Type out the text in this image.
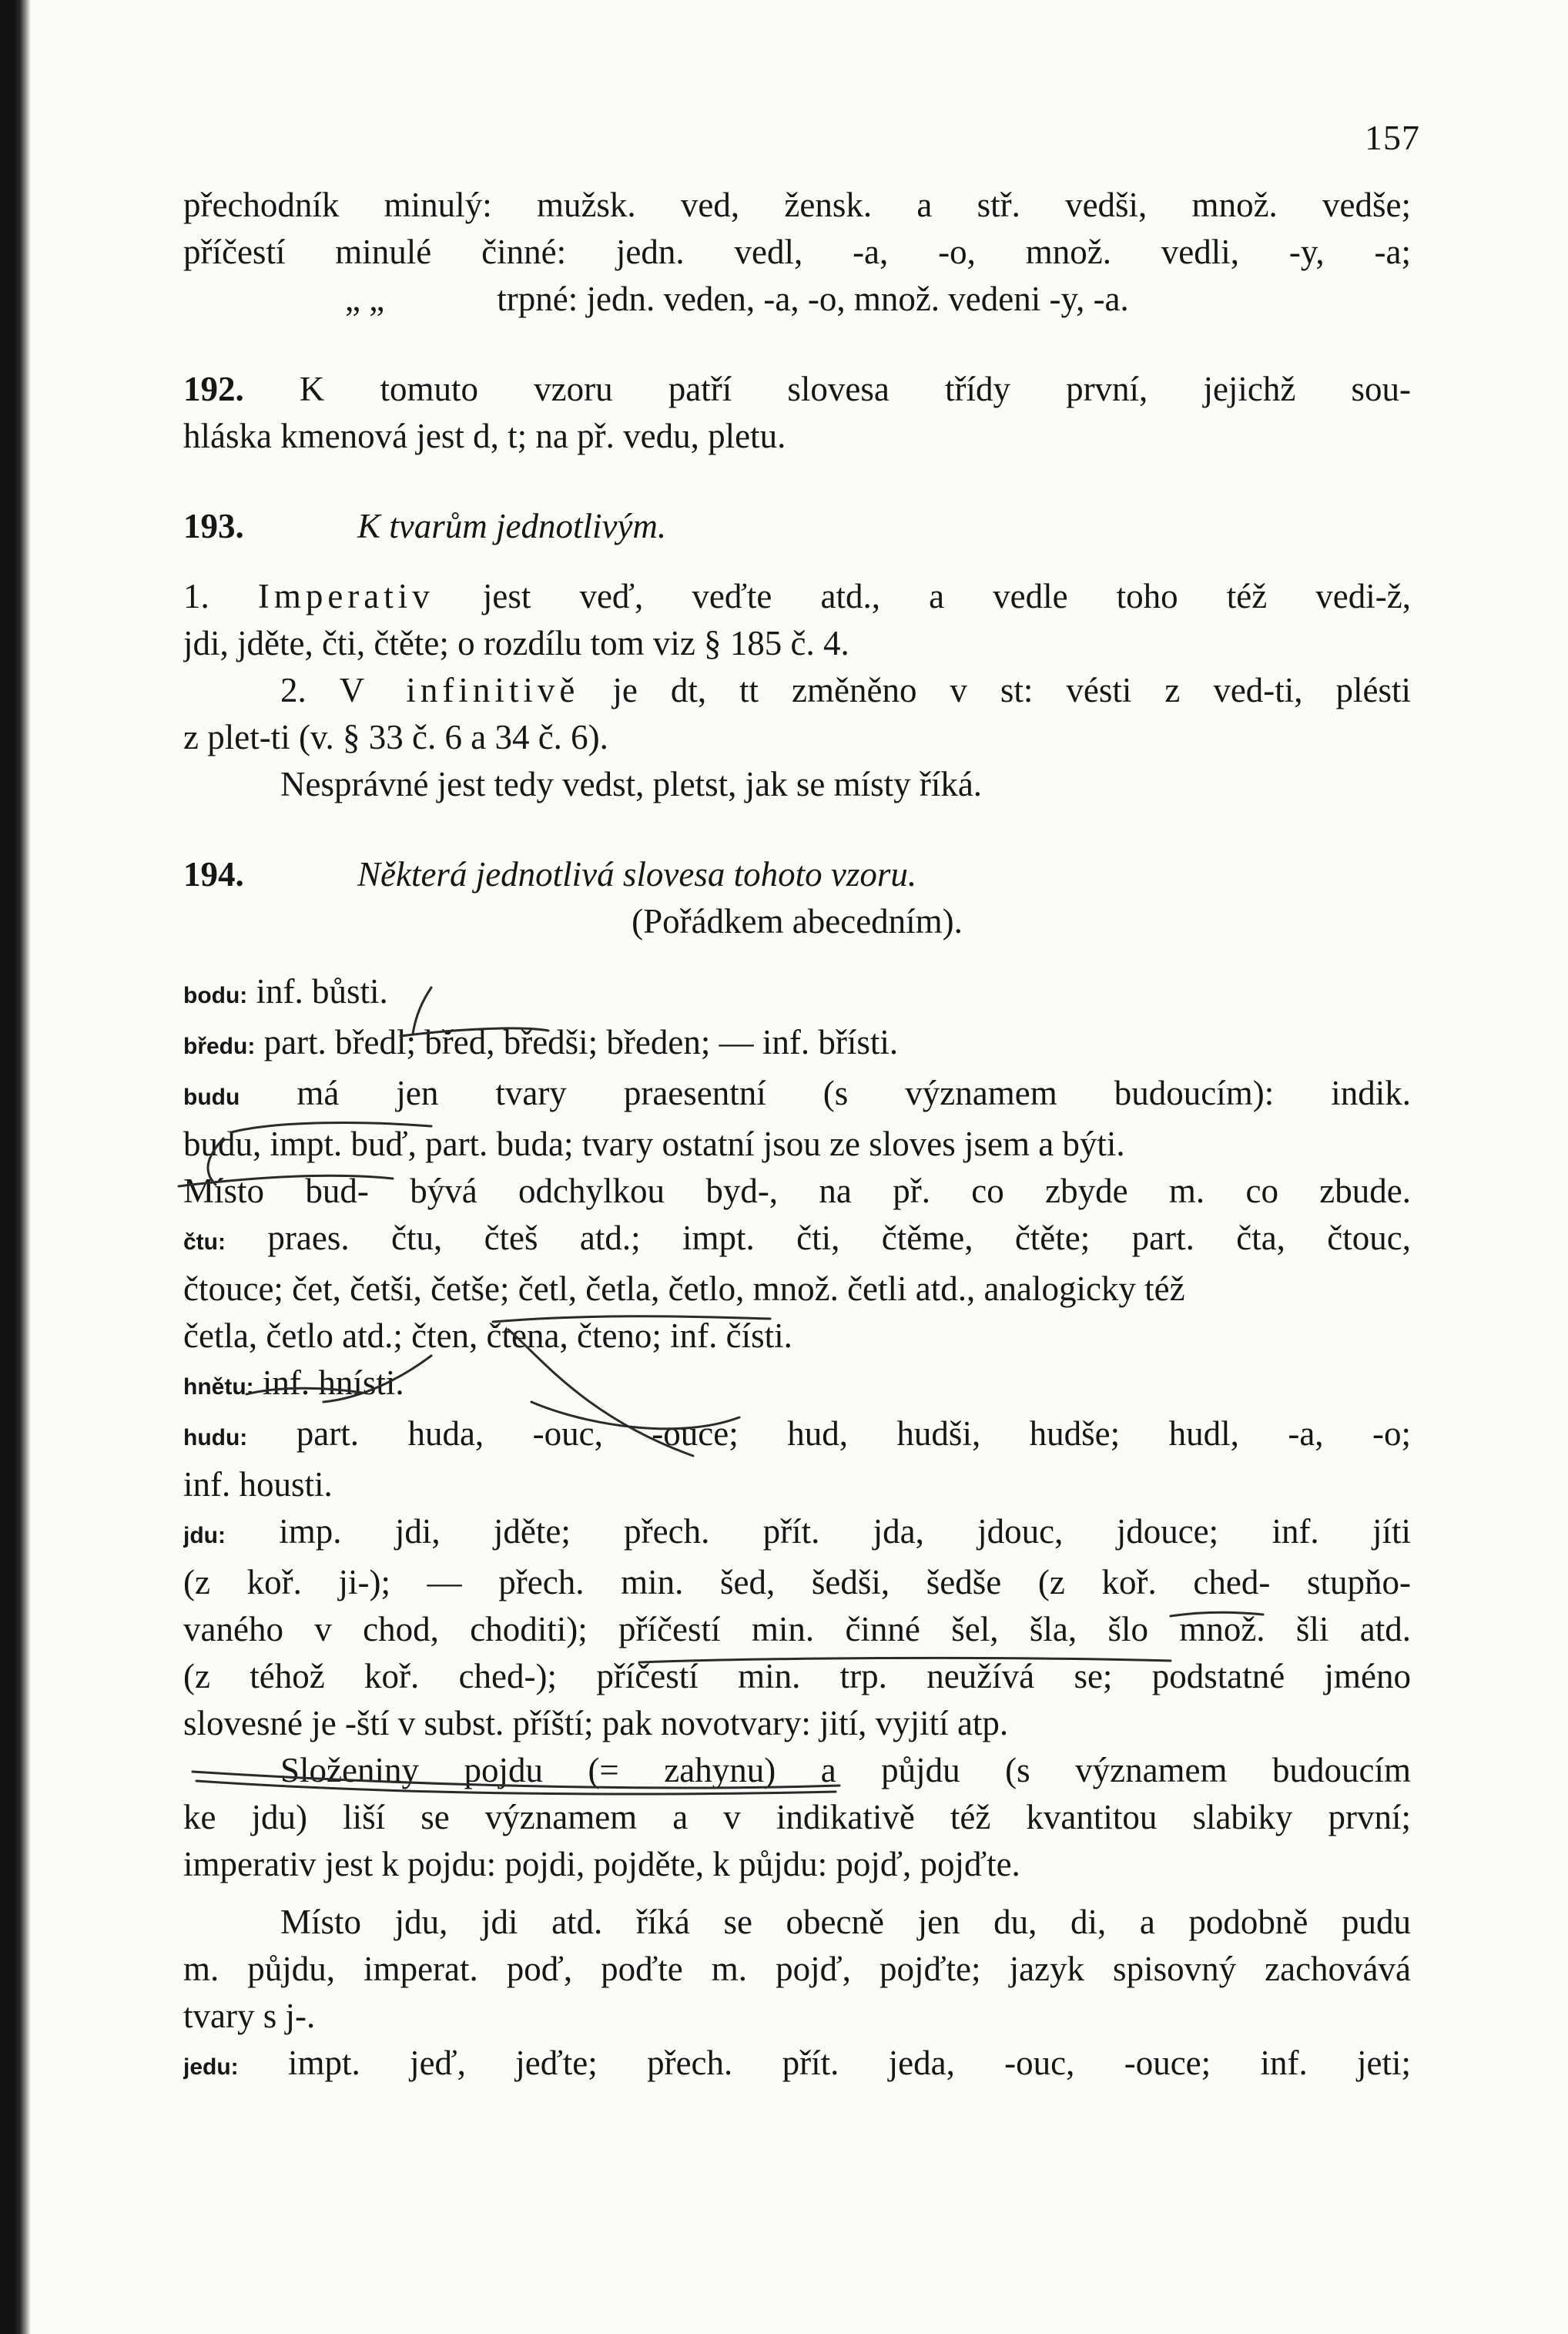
157
přechodník minulý: mužsk. ved, žensk. a stř. vedši, množ. vedše;
příčestí minulé činné: jedn. vedl, -a, -o, množ. vedli, -y, -a;
„ „	trpné: jedn. veden, -a, -o, množ. vedeni -y, -a.
192. K tomuto vzoru patří slovesa třídy první, jejichž sou-
hláska kmenová jest d, t; na př. vedu, pletu.
193.	K tvarům jednotlivým.
1. Imperativ jest veď, veďte atd., a vedle toho též vedi-ž,
jdi, jděte, čti, čtěte; o rozdílu tom viz § 185 č. 4.
2. V infinitivě je dt, tt změněno v st: vésti z ved-ti, plésti
z plet-ti (v. § 33 č. 6 a 34 č. 6).
Nesprávné jest tedy vedst, pletst, jak se místy říká.
194.	Některá jednotlivá slovesa tohoto vzoru.
(Pořádkem abecedním).
bodu: inf. bůsti.
bředu: part. bředl; břed, bředši; bředen; — inf. břísti.
budu má jen tvary praesentní (s významem budoucím): indik.
budu, impt. buď, part. buda; tvary ostatní jsou ze sloves jsem a býti.
Místo bud- bývá odchylkou byd-, na př. co zbyde m. co zbude.
čtu: praes. čtu, čteš atd.; impt. čti, čtěme, čtěte; part. čta, čtouc,
čtouce; čet, četši, četše; četl, četla, četlo, množ. četli atd., analogicky též
četla, četlo atd.; čten, čtena, čteno; inf. čísti.
hnětu: inf. hnísti.
hudu: part. huda, -ouc, -ouce; hud, hudši, hudše; hudl, -a, -o;
inf. housti.
jdu: imp. jdi, jděte; přech. přít. jda, jdouc, jdouce; inf. jíti
(z koř. ji-); — přech. min. šed, šedši, šedše (z koř. ched- stupňo-
vaného v chod, choditi); příčestí min. činné šel, šla, šlo množ. šli atd.
(z téhož koř. ched-); příčestí min. trp. neužívá se; podstatné jméno
slovesné je -ští v subst. příští; pak novotvary: jití, vyjití atp.
Složeniny pojdu (= zahynu) a půjdu (s významem budoucím
ke jdu) liší se významem a v indikativě též kvantitou slabiky první;
imperativ jest k pojdu: pojdi, pojděte, k půjdu: pojď, pojďte.
Místo jdu, jdi atd. říká se obecně jen du, di, a podobně pudu
m. půjdu, imperat. poď, poďte m. pojď, pojďte; jazyk spisovný zachovává
tvary s j-.
jedu: impt. jeď, jeďte; přech. přít. jeda, -ouc, -ouce; inf. jeti;
